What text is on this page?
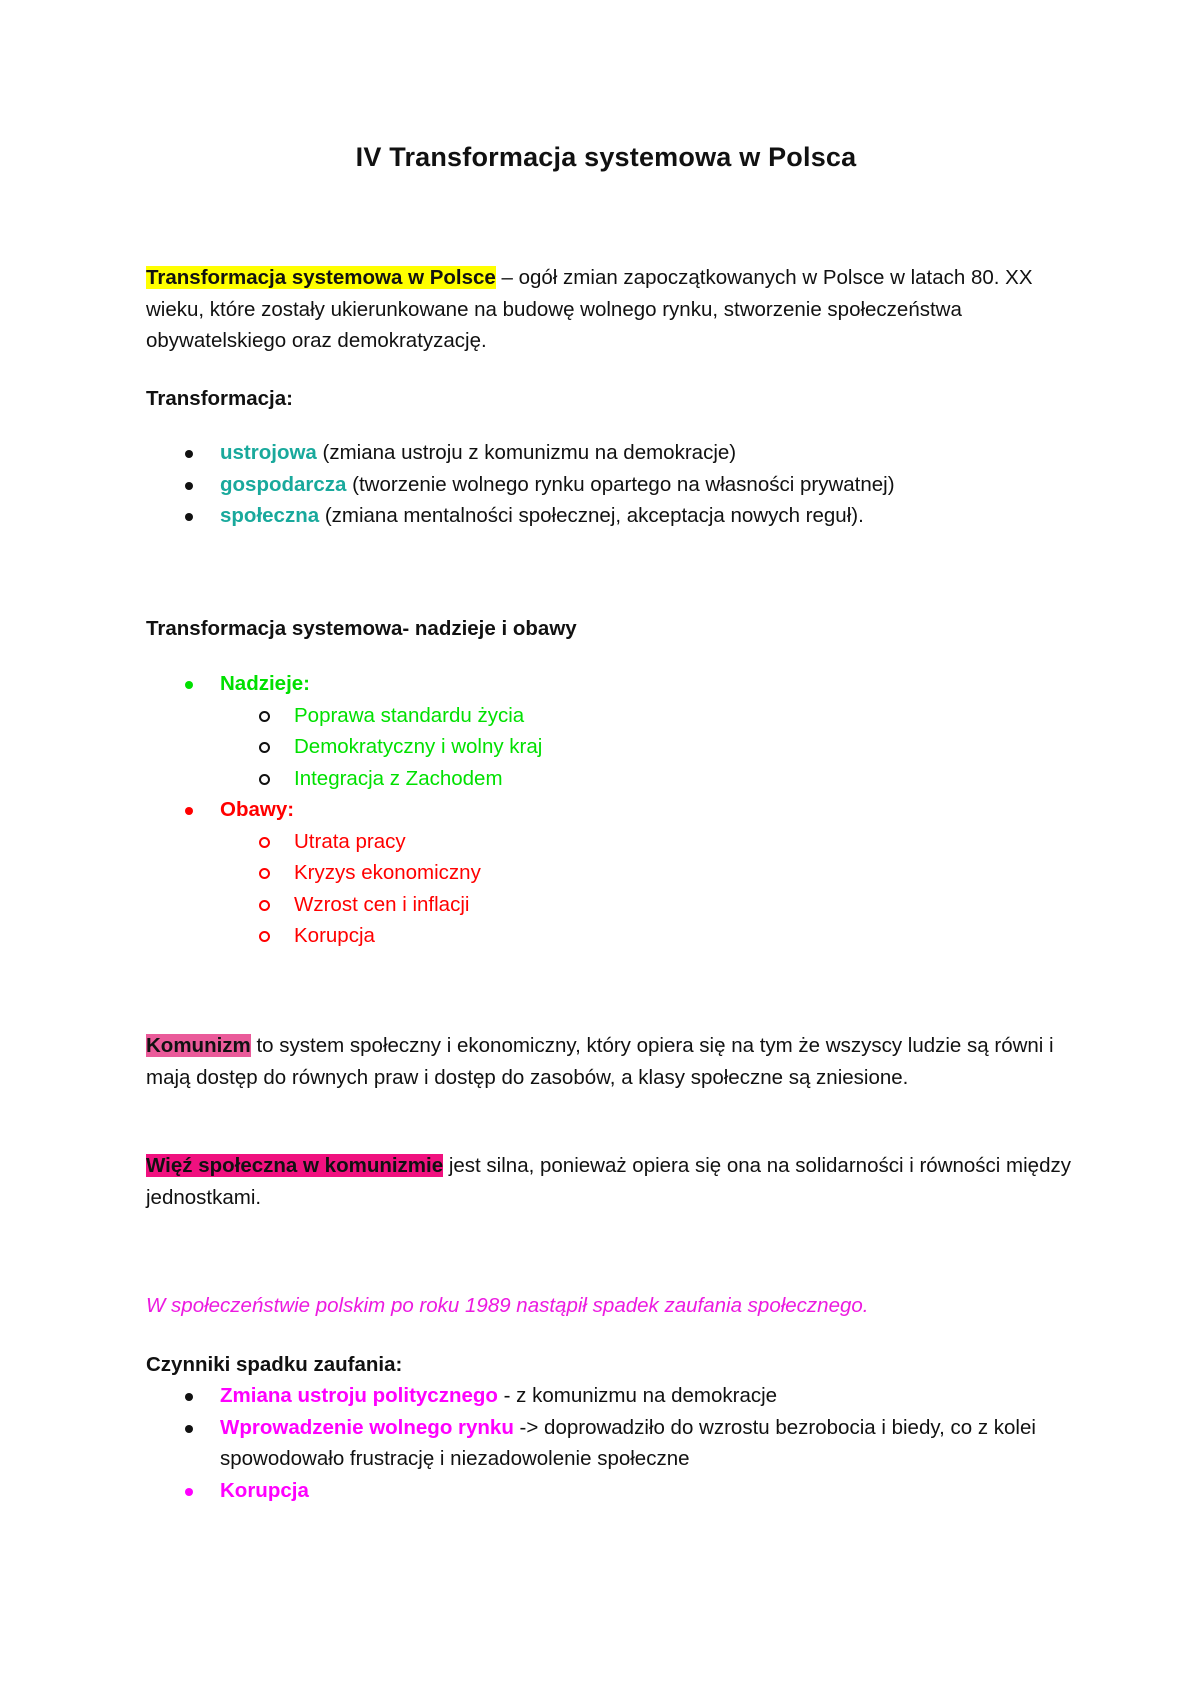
IV Transformacja systemowa w Polsca
Transformacja systemowa w Polsce – ogół zmian zapoczątkowanych w Polsce w latach 80. XX wieku, które zostały ukierunkowane na budowę wolnego rynku, stworzenie społeczeństwa obywatelskiego oraz demokratyzację.
Transformacja:
ustrojowa (zmiana ustroju z komunizmu na demokracje)
gospodarcza (tworzenie wolnego rynku opartego na własności prywatnej)
społeczna (zmiana mentalności społecznej, akceptacja nowych reguł).
Transformacja systemowa- nadzieje i obawy
Nadzieje:
Poprawa standardu życia
Demokratyczny i wolny kraj
Integracja z Zachodem
Obawy:
Utrata pracy
Kryzys ekonomiczny
Wzrost cen i inflacji
Korupcja
Komunizm to system społeczny i ekonomiczny, który opiera się na tym że wszyscy ludzie są równi i mają dostęp do równych praw i dostęp do zasobów, a klasy społeczne są zniesione.
Więź społeczna w komunizmie jest silna, ponieważ opiera się ona na solidarności i równości między jednostkami.
W społeczeństwie polskim po roku 1989 nastąpił spadek zaufania społecznego.
Czynniki spadku zaufania:
Zmiana ustroju politycznego - z komunizmu na demokracje
Wprowadzenie wolnego rynku -> doprowadziło do wzrostu bezrobocia i biedy, co z kolei spowodowało frustrację i niezadowolenie społeczne
Korupcja
